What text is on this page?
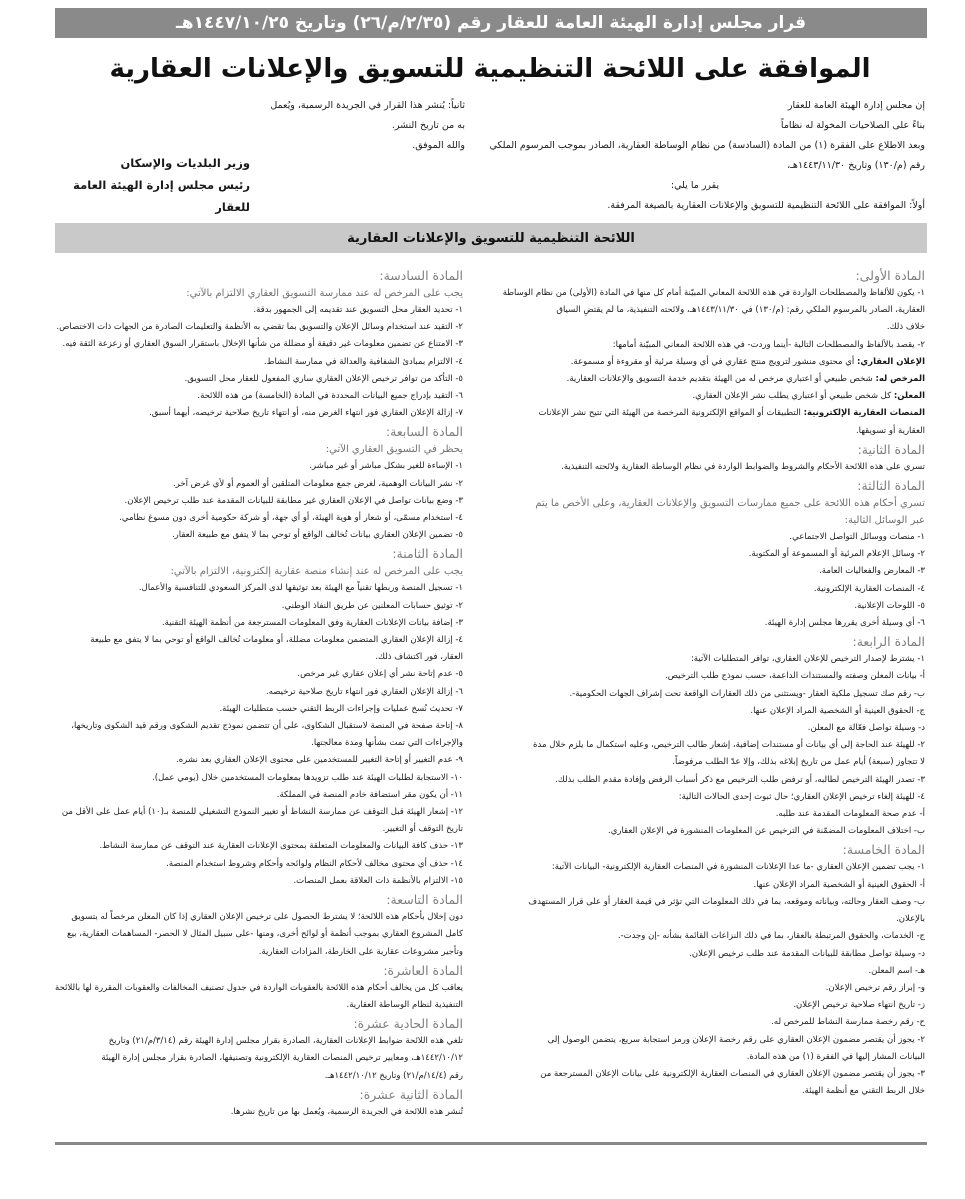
قرار مجلس إدارة الهيئة العامة للعقار رقم (٢/٣٥/م/٢٦) وتاريخ ١٤٤٧/١٠/٢٥هـ
الموافقة على اللائحة التنظيمية للتسويق والإعلانات العقارية

إن مجلس إدارة الهيئة العامة للعقار

بناءً على الصلاحيات المخولة له نظاماً

وبعد الاطلاع على الفقرة (١) من المادة (السادسة) من نظام الوساطة العقارية، الصادر بموجب المرسوم الملكي

رقم (م/١٣٠) وتاريخ ١٤٤٣/١١/٣٠هـ،

يقرر ما يلي:

أولاً: الموافقة على اللائحة التنظيمية للتسويق والإعلانات العقارية بالصيغة المرفقة.

ثانياً: يُنشر هذا القرار في الجريدة الرسمية، ويُعمل به من تاريخ النشر.

والله الموفق.

وزير البلديات والإسكان

رئيس مجلس إدارة الهيئة العامة للعقار

اللائحة التنظيمية للتسويق والإعلانات العقارية

المادة الأولى:

١- يكون للألفاظ والمصطلحات الواردة في هذه اللائحة المعاني المبيّنة أمام كل منها في المادة (الأولى) من نظام الوساطة

العقارية، الصادر بالمرسوم الملكي رقم: (م/١٣٠) في ١٤٤٣/١١/٣٠هـ، ولائحته التنفيذية، ما لم يقتضِ السياق

خلاف ذلك.

٢- يقصد بالألفاظ والمصطلحات التالية -أينما وردت- في هذه اللائحة المعاني المبيّنة أمامها:

الإعلان العقاري: أي محتوى منشور لترويج منتج عقاري في أي وسيلة مرئية أو مقروءة أو مسموعة.

المرخص له: شخص طبيعي أو اعتباري مرخص له من الهيئة بتقديم خدمة التسويق والإعلانات العقارية.

المعلن: كل شخص طبيعي أو اعتباري يطلب نشر الإعلان العقاري.

المنصات العقارية الإلكترونية: التطبيقات أو المواقع الإلكترونية المرخصة من الهيئة التي تتيح نشر الإعلانات

العقارية أو تسويقها.

المادة الثانية:

تسري على هذه اللائحة الأحكام والشروط والضوابط الواردة في نظام الوساطة العقارية ولائحته التنفيذية.

المادة الثالثة:

تسري أحكام هذه اللائحة على جميع ممارسات التسويق والإعلانات العقارية، وعلى الأخص ما يتم

عبر الوسائل التالية:

١- منصات ووسائل التواصل الاجتماعي.

٢- وسائل الإعلام المرئية أو المسموعة أو المكتوبة.

٣- المعارض والفعاليات العامة.

٤- المنصات العقارية الإلكترونية.

٥- اللوحات الإعلانية.

٦- أي وسيلة أخرى يقررها مجلس إدارة الهيئة.

المادة الرابعة:

١- يشترط لإصدار الترخيص للإعلان العقاري، توافر المتطلبات الآتية:

أ- بيانات المعلن وصفته والمستندات الداعمة، حسب نموذج طلب الترخيص.

ب- رقم صك تسجيل ملكية العقار -ويستثنى من ذلك العقارات الواقعة تحت إشراف الجهات الحكومية-.

ج- الحقوق العينية أو الشخصية المراد الإعلان عنها.

د- وسيلة تواصل فعّالة مع المعلن.

٢- للهيئة عند الحاجة إلى أي بيانات أو مستندات إضافية، إشعار طالب الترخيص، وعليه استكمال ما يلزم خلال مدة

لا تتجاوز (سبعة) أيام عمل من تاريخ إبلاغه بذلك، وإلا عدّ الطلب مرفوضاً.

٣- تصدر الهيئة الترخيص لطالبه، أو ترفض طلب الترخيص مع ذكر أسباب الرفض وإفادة مقدم الطلب بذلك.

٤- للهيئة إلغاء ترخيص الإعلان العقاري؛ حال ثبوت إحدى الحالات التالية:

أ- عدم صحة المعلومات المقدمة عند طلبه.

ب- اختلاف المعلومات المضمّنة في الترخيص عن المعلومات المنشورة في الإعلان العقاري.

المادة الخامسة:

١- يجب تضمين الإعلان العقاري -ما عدا الإعلانات المنشورة في المنصات العقارية الإلكترونية- البيانات الآتية:

أ- الحقوق العينية أو الشخصية المراد الإعلان عنها.

ب- وصف العقار وحالته، وبياناته وموقعه، بما في ذلك المعلومات التي تؤثر في قيمة العقار أو على قرار المستهدف

بالإعلان.

ج- الخدمات، والحقوق المرتبطة بالعقار، بما في ذلك النزاعات القائمة بشأنه -إن وجدت-.

د- وسيلة تواصل مطابقة للبيانات المقدمة عند طلب ترخيص الإعلان.

هـ- اسم المعلن.

و- إبراز رقم ترخيص الإعلان.

ز- تاريخ انتهاء صلاحية ترخيص الإعلان.

ح- رقم رخصة ممارسة النشاط للمرخص له.

٢- يجوز أن يقتصر مضمون الإعلان العقاري على رقم رخصة الإعلان ورمز استجابة سريع، يتضمن الوصول إلى

البيانات المشار إليها في الفقرة (١) من هذه المادة.

٣- يجوز أن يقتصر مضمون الإعلان العقاري في المنصات العقارية الإلكترونية على بيانات الإعلان المسترجعة من

خلال الربط التقني مع أنظمة الهيئة.

المادة السادسة:

يجب على المرخص له عند ممارسة التسويق العقاري الالتزام بالآتي:

١- تحديد العقار محل التسويق عند تقديمه إلى الجمهور بدقة.

٢- التقيد عند استخدام وسائل الإعلان والتسويق بما تقضي به الأنظمة والتعليمات الصادرة من الجهات ذات الاختصاص.

٣- الامتناع عن تضمين معلومات غير دقيقة أو مضللة من شأنها الإخلال باستقرار السوق العقاري أو زعزعة الثقة فيه.

٤- الالتزام بمبادئ الشفافية والعدالة في ممارسة النشاط.

٥- التأكد من توافر ترخيص الإعلان العقاري ساري المفعول للعقار محل التسويق.

٦- التقيد بإدراج جميع البيانات المحددة في المادة (الخامسة) من هذه اللائحة.

٧- إزالة الإعلان العقاري فور انتهاء الغرض منه، أو انتهاء تاريخ صلاحية ترخيصه، أيهما أسبق.

المادة السابعة:

يحظر في التسويق العقاري الآتي:

١- الإساءة للغير بشكل مباشر أو غير مباشر.

٢- نشر البيانات الوهمية، لغرض جمع معلومات المتلقين أو العموم أو لأي غرض آخر.

٣- وضع بيانات تواصل في الإعلان العقاري غير مطابقة للبيانات المقدمة عند طلب ترخيص الإعلان.

٤- استخدام مسمّى، أو شعار أو هوية الهيئة، أو أي جهة، أو شركة حكومية أخرى دون مسوغ نظامي.

٥- تضمين الإعلان العقاري بيانات تُخالف الواقع أو توحي بما لا يتفق مع طبيعة العقار.

المادة الثامنة:

يجب على المرخص له عند إنشاء منصة عقارية إلكترونية، الالتزام بالآتي:

١- تسجيل المنصة وربطها تقنياً مع الهيئة بعد توثيقها لدى المركز السعودي للتنافسية والأعمال.

٢- توثيق حسابات المعلنين عن طريق النفاذ الوطني.

٣- إضافة بيانات الإعلانات العقارية وفق المعلومات المسترجعة من أنظمة الهيئة التقنية.

٤- إزالة الإعلان العقاري المتضمن معلومات مضللة، أو معلومات تُخالف الواقع أو توحي بما لا يتفق مع طبيعة

العقار، فور اكتشاف ذلك.

٥- عدم إتاحة نشر أي إعلان عقاري غير مرخص.

٦- إزالة الإعلان العقاري فور انتهاء تاريخ صلاحية ترخيصه.

٧- تحديث نُسخ عمليات وإجراءات الربط التقني حسب متطلبات الهيئة.

٨- إتاحة صفحة في المنصة لاستقبال الشكاوى، على أن تتضمن نموذج تقديم الشكوى ورقم قيد الشكوى وتاريخها،

والإجراءات التي تمت بشأنها ومدة معالجتها.

٩- عدم التغيير أو إتاحة التغيير للمستخدمين على محتوى الإعلان العقاري بعد نشره.

١٠- الاستجابة لطلبات الهيئة عند طلب تزويدها بمعلومات المستخدمين خلال (يومي عمل).

١١- أن يكون مقر استضافة خادم المنصة في المملكة.

١٢- إشعار الهيئة قبل التوقف عن ممارسة النشاط أو تغيير النموذج التشغيلي للمنصة بـ(١٠) أيام عمل على الأقل من

تاريخ التوقف أو التغيير.

١٣- حذف كافة البيانات والمعلومات المتعلقة بمحتوى الإعلانات العقارية عند التوقف عن ممارسة النشاط.

١٤- حذف أي محتوى مخالف لأحكام النظام ولوائحه وأحكام وشروط استخدام المنصة.

١٥- الالتزام بالأنظمة ذات العلاقة بعمل المنصات.

المادة التاسعة:

دون إخلال بأحكام هذه اللائحة؛ لا يشترط الحصول على ترخيص الإعلان العقاري إذا كان المعلن مرخصاً له بتسويق

كامل المشروع العقاري بموجب أنظمة أو لوائح أخرى، ومنها -على سبيل المثال لا الحصر- المساهمات العقارية، بيع

وتأجير مشروعات عقارية على الخارطة، المزادات العقارية.

المادة العاشرة:

يعاقب كل من يخالف أحكام هذه اللائحة بالعقوبات الواردة في جدول تصنيف المخالفات والعقوبات المقررة لها باللائحة

التنفيذية لنظام الوساطة العقارية.

المادة الحادية عشرة:

تلغي هذه اللائحة ضوابط الإعلانات العقارية، الصادرة بقرار مجلس إدارة الهيئة رقم (٣/١٤/م/٢١) وتاريخ

١٤٤٢/١٠/١٢هـ، ومعايير ترخيص المنصات العقارية الإلكترونية وتصنيفها، الصادرة بقرار مجلس إدارة الهيئة

رقم (١٤/٤/م/٢١) وتاريخ ١٤٤٢/١٠/١٢هـ.

المادة الثانية عشرة:

تُنشر هذه اللائحة في الجريدة الرسمية، ويُعمل بها من تاريخ نشرها.
